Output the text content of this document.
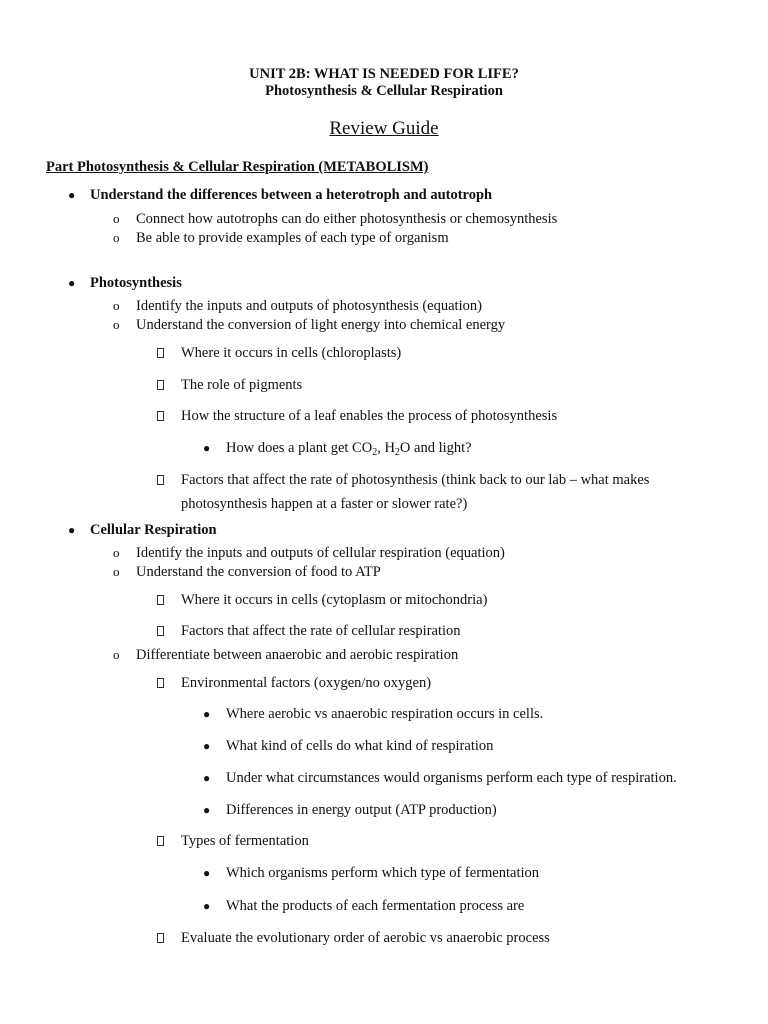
UNIT 2B: WHAT IS NEEDED FOR LIFE?
Photosynthesis & Cellular Respiration
Review Guide
Part Photosynthesis & Cellular Respiration (METABOLISM)
● Understand the differences between a heterotroph and autotroph
o Connect how autotrophs can do either photosynthesis or chemosynthesis
o Be able to provide examples of each type of organism
● Photosynthesis
o Identify the inputs and outputs of photosynthesis (equation)
o Understand the conversion of light energy into chemical energy
Where it occurs in cells (chloroplasts)
The role of pigments
How the structure of a leaf enables the process of photosynthesis
● How does a plant get $CO_2$, $H_2O$ and light?
Factors that affect the rate of photosynthesis (think back to our lab – what makes
photosynthesis happen at a faster or slower rate?)
● Cellular Respiration
o Identify the inputs and outputs of cellular respiration (equation)
o Understand the conversion of food to ATP
Where it occurs in cells (cytoplasm or mitochondria)
Factors that affect the rate of cellular respiration
o Differentiate between anaerobic and aerobic respiration
Environmental factors (oxygen/no oxygen)
● Where aerobic vs anaerobic respiration occurs in cells.
● What kind of cells do what kind of respiration
● Under what circumstances would organisms perform each type of respiration.
● Differences in energy output (ATP production)
Types of fermentation
● Which organisms perform which type of fermentation
● What the products of each fermentation process are
Evaluate the evolutionary order of aerobic vs anaerobic process
